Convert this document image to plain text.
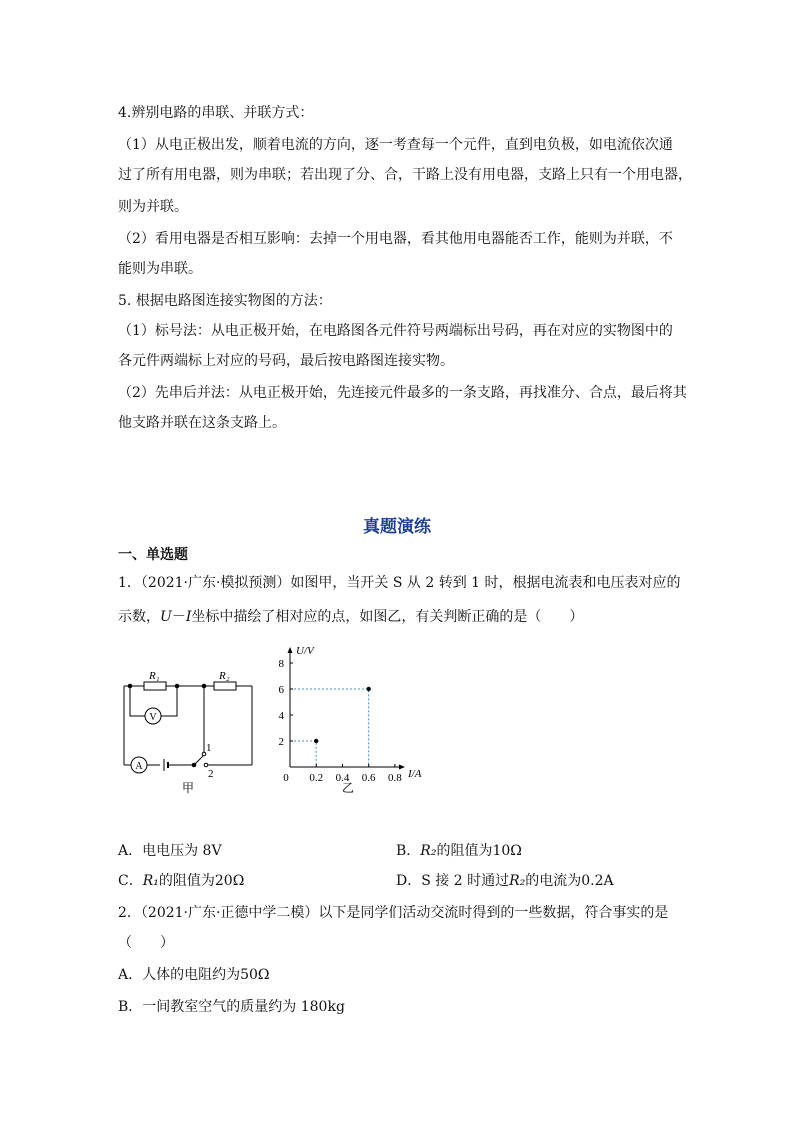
4.辨别电路的串联、并联方式：
（1）从电正极出发，顺着电流的方向，逐一考查每一个元件，直到电负极，如电流依次通
过了所有用电器，则为串联；若出现了分、合，干路上没有用电器，支路上只有一个用电器，
则为并联。
（2）看用电器是否相互影响：去掉一个用电器，看其他用电器能否工作，能则为并联，不
能则为串联。
5. 根据电路图连接实物图的方法：
（1）标号法：从电正极开始，在电路图各元件符号两端标出号码，再在对应的实物图中的
各元件两端标上对应的号码，最后按电路图连接实物。
（2）先串后并法：从电正极开始，先连接元件最多的一条支路，再找准分、合点，最后将其
他支路并联在这条支路上。
真题演练
一、单选题
1．（2021·广东·模拟预测）如图甲，当开关 S 从 2 转到 1 时，根据电流表和电压表对应的
示数，U－I坐标中描绘了相对应的点，如图乙，有关判断正确的是（　　）
R₁	R₂
V
A
1
2
甲
0 0.2 0.4 0.6 0.8
2
4
6
8
I/A
U/V
乙
A．电电压为 8V	B．R₂的阻值为10Ω
C．R₁的阻值为20Ω	D．S 接 2 时通过R₂的电流为0.2A
2．（2021·广东·正德中学二模）以下是同学们活动交流时得到的一些数据，符合事实的是
（　　）
A．人体的电阻约为50Ω
B．一间教室空气的质量约为 180kg
